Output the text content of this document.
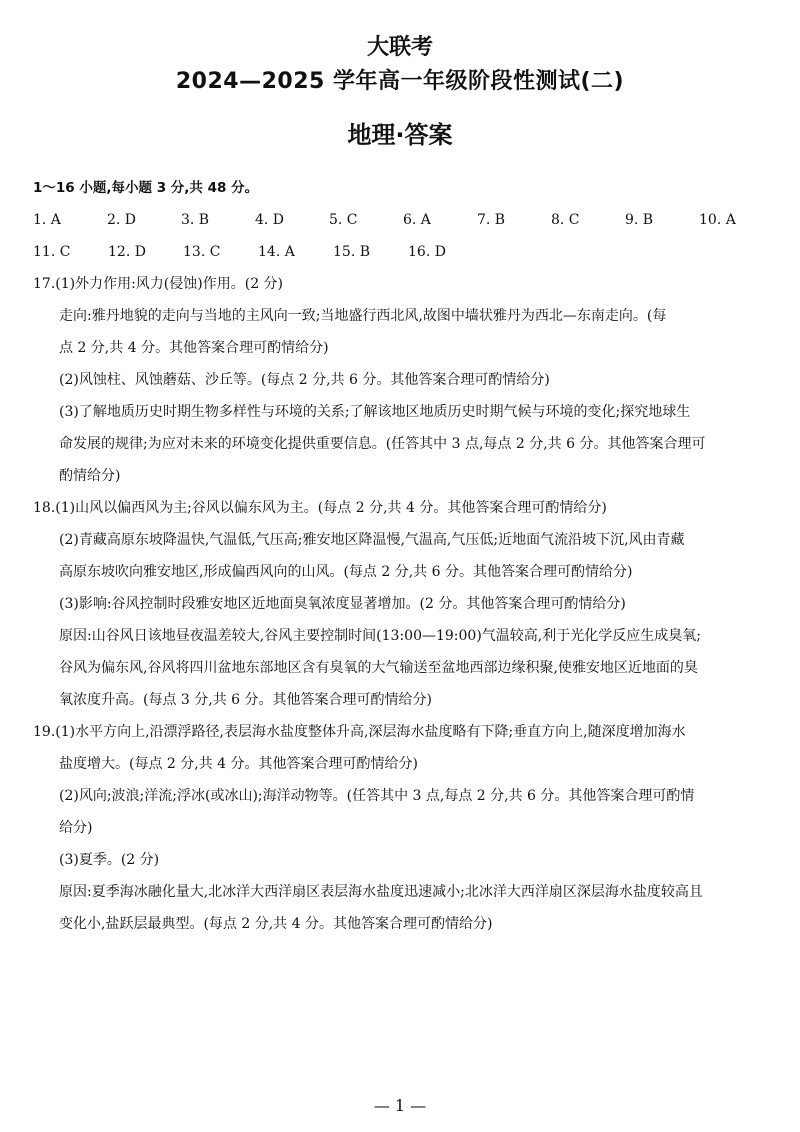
大联考
2024—2025 学年高一年级阶段性测试(二)
地理·答案
1～16 小题,每小题 3 分,共 48 分。
1. A	2. D	3. B	4. D	5. C	6. A	7. B	8. C	9. B	10. A
11. C	12. D	13. C	14. A	15. B	16. D
17.(1)外力作用:风力(侵蚀)作用。(2 分)
走向:雅丹地貌的走向与当地的主风向一致;当地盛行西北风,故图中墙状雅丹为西北—东南走向。(每
点 2 分,共 4 分。其他答案合理可酌情给分)
(2)风蚀柱、风蚀蘑菇、沙丘等。(每点 2 分,共 6 分。其他答案合理可酌情给分)
(3)了解地质历史时期生物多样性与环境的关系;了解该地区地质历史时期气候与环境的变化;探究地球生
命发展的规律;为应对未来的环境变化提供重要信息。(任答其中 3 点,每点 2 分,共 6 分。其他答案合理可
酌情给分)
18.(1)山风以偏西风为主;谷风以偏东风为主。(每点 2 分,共 4 分。其他答案合理可酌情给分)
(2)青藏高原东坡降温快,气温低,气压高;雅安地区降温慢,气温高,气压低;近地面气流沿坡下沉,风由青藏
高原东坡吹向雅安地区,形成偏西风向的山风。(每点 2 分,共 6 分。其他答案合理可酌情给分)
(3)影响:谷风控制时段雅安地区近地面臭氧浓度显著增加。(2 分。其他答案合理可酌情给分)
原因:山谷风日该地昼夜温差较大,谷风主要控制时间(13:00—19:00)气温较高,利于光化学反应生成臭氧;
谷风为偏东风,谷风将四川盆地东部地区含有臭氧的大气输送至盆地西部边缘积聚,使雅安地区近地面的臭
氧浓度升高。(每点 3 分,共 6 分。其他答案合理可酌情给分)
19.(1)水平方向上,沿漂浮路径,表层海水盐度整体升高,深层海水盐度略有下降;垂直方向上,随深度增加海水
盐度增大。(每点 2 分,共 4 分。其他答案合理可酌情给分)
(2)风向;波浪;洋流;浮冰(或冰山);海洋动物等。(任答其中 3 点,每点 2 分,共 6 分。其他答案合理可酌情
给分)
(3)夏季。(2 分)
原因:夏季海冰融化量大,北冰洋大西洋扇区表层海水盐度迅速减小;北冰洋大西洋扇区深层海水盐度较高且
变化小,盐跃层最典型。(每点 2 分,共 4 分。其他答案合理可酌情给分)
— 1 —
